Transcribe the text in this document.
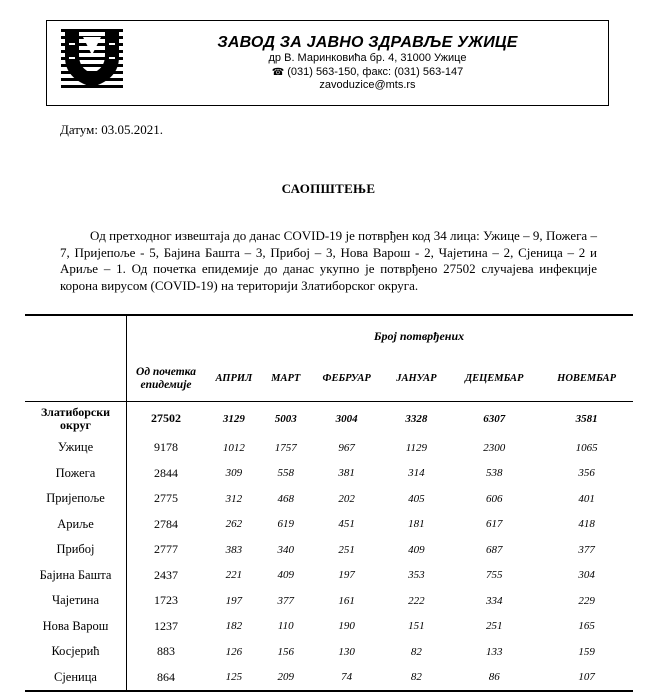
ЗАВОД ЗА ЈАВНО ЗДРАВЉЕ УЖИЦЕ
др В. Маринковића бр. 4, 31000 Ужице
☎ (031) 563-150, факс: (031) 563-147
zavoduzice@mts.rs
Датум: 03.05.2021.
САОПШТЕЊЕ

Од претходног извештаја до данас COVID-19 је потврђен код 34 лица: Ужице – 9, Пожега – 7, Пријепоље - 5, Бајина Башта – 3, Прибој – 3, Нова Варош - 2, Чајетина – 2, Сјеница – 2 и Ариље – 1. Од почетка епидемије до данас укупно је потврђено 27502 случајева инфекције корона вирусом (COVID-19) на територији Златиборског округа.

		Број потврђених					
	Од почетка епидемије	АПРИЛ	МАРТ	ФЕБРУАР	ЈАНУАР	ДЕЦЕМБАР	НОВЕМБАР
Златиборски округ	27502	3129	5003	3004	3328	6307	3581
Ужице	9178	1012	1757	967	1129	2300	1065
Пожега	2844	309	558	381	314	538	356
Пријепоље	2775	312	468	202	405	606	401
Ариље	2784	262	619	451	181	617	418
Прибој	2777	383	340	251	409	687	377
Бајина Башта	2437	221	409	197	353	755	304
Чајетина	1723	197	377	161	222	334	229
Нова Варош	1237	182	110	190	151	251	165
Косјерић	883	126	156	130	82	133	159
Сјеница	864	125	209	74	82	86	107
